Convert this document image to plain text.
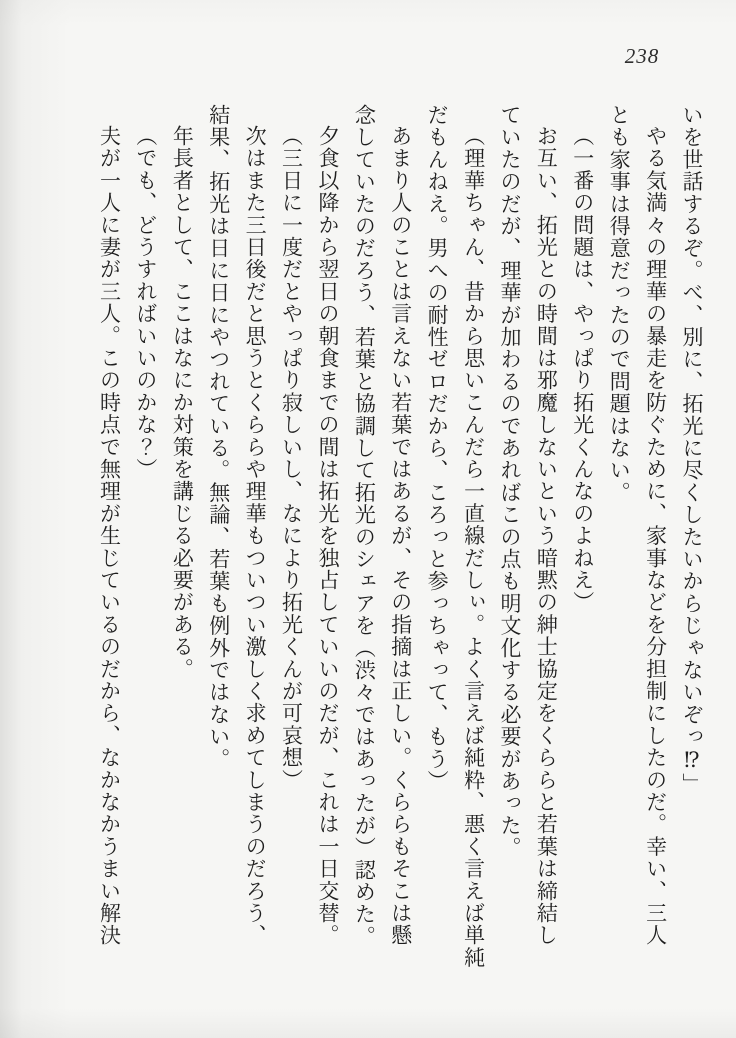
238
いを世話するぞ。べ、別に、拓光に尽くしたいからじゃないぞっ⁉」
やる気満々の理華の暴走を防ぐために、家事などを分担制にしたのだ。幸い、三人
とも家事は得意だったので問題はない。
（一番の問題は、やっぱり拓光くんなのよねえ）
お互い、拓光との時間は邪魔しないという暗黙の紳士協定をくららと若葉は締結し
ていたのだが、理華が加わるのであればこの点も明文化する必要があった。
（理華ちゃん、昔から思いこんだら一直線だしぃ。よく言えば純粋、悪く言えば単純
だもんねえ。男への耐性ゼロだから、ころっと参っちゃって、もう）
あまり人のことは言えない若葉ではあるが、その指摘は正しい。くららもそこは懸
念していたのだろう、若葉と協調して拓光のシェアを（渋々ではあったが）認めた。
夕食以降から翌日の朝食までの間は拓光を独占していいのだが、これは一日交替。
（三日に一度だとやっぱり寂しいし、なにより拓光くんが可哀想）
次はまた三日後だと思うとくららや理華もついつい激しく求めてしまうのだろう、
結果、拓光は日に日にやつれている。無論、若葉も例外ではない。
年長者として、ここはなにか対策を講じる必要がある。
（でも、どうすればいいのかな？）
夫が一人に妻が三人。この時点で無理が生じているのだから、なかなかうまい解決
